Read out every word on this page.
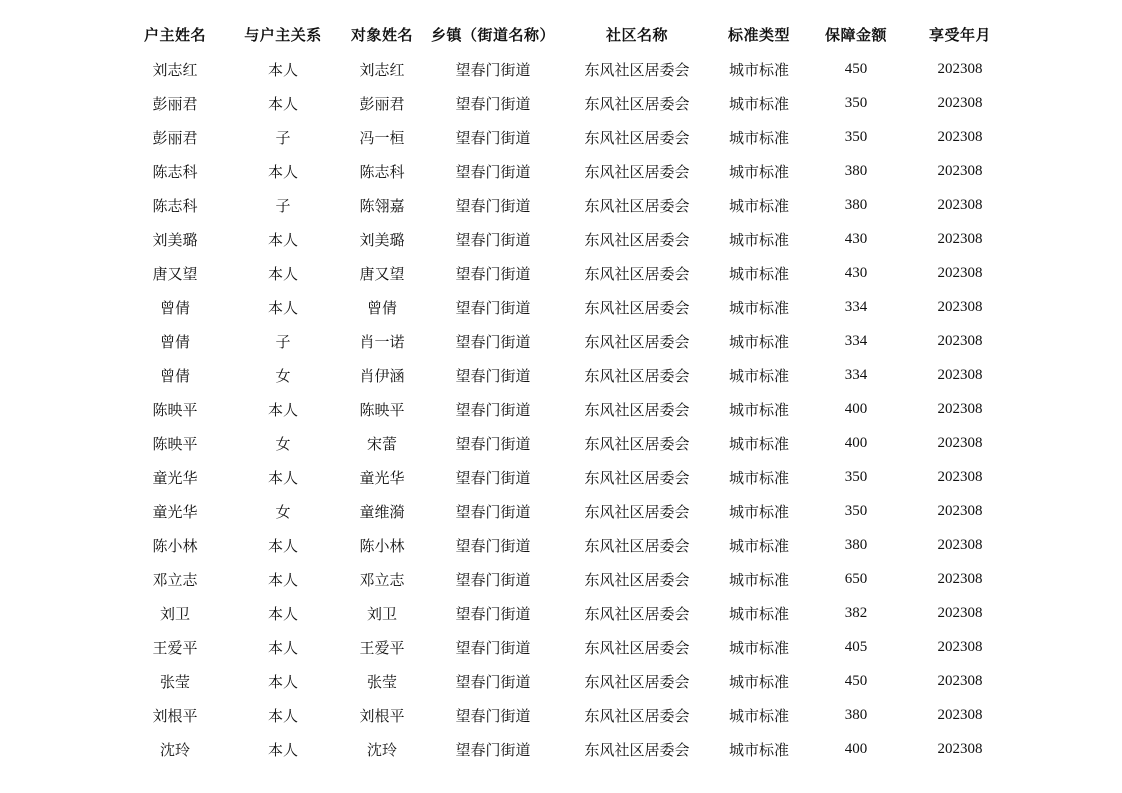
户主姓名	与户主关系	对象姓名	乡镇（街道名称）	社区名称	标准类型	保障金额	享受年月
刘志红	本人	刘志红	望春门街道	东风社区居委会	城市标准	450	202308
彭丽君	本人	彭丽君	望春门街道	东风社区居委会	城市标准	350	202308
彭丽君	子	冯一桓	望春门街道	东风社区居委会	城市标准	350	202308
陈志科	本人	陈志科	望春门街道	东风社区居委会	城市标准	380	202308
陈志科	子	陈翎嘉	望春门街道	东风社区居委会	城市标准	380	202308
刘美璐	本人	刘美璐	望春门街道	东风社区居委会	城市标准	430	202308
唐又望	本人	唐又望	望春门街道	东风社区居委会	城市标准	430	202308
曾倩	本人	曾倩	望春门街道	东风社区居委会	城市标准	334	202308
曾倩	子	肖一诺	望春门街道	东风社区居委会	城市标准	334	202308
曾倩	女	肖伊涵	望春门街道	东风社区居委会	城市标准	334	202308
陈映平	本人	陈映平	望春门街道	东风社区居委会	城市标准	400	202308
陈映平	女	宋蕾	望春门街道	东风社区居委会	城市标准	400	202308
童光华	本人	童光华	望春门街道	东风社区居委会	城市标准	350	202308
童光华	女	童维漪	望春门街道	东风社区居委会	城市标准	350	202308
陈小林	本人	陈小林	望春门街道	东风社区居委会	城市标准	380	202308
邓立志	本人	邓立志	望春门街道	东风社区居委会	城市标准	650	202308
刘卫	本人	刘卫	望春门街道	东风社区居委会	城市标准	382	202308
王爱平	本人	王爱平	望春门街道	东风社区居委会	城市标准	405	202308
张莹	本人	张莹	望春门街道	东风社区居委会	城市标准	450	202308
刘根平	本人	刘根平	望春门街道	东风社区居委会	城市标准	380	202308
沈玲	本人	沈玲	望春门街道	东风社区居委会	城市标准	400	202308
